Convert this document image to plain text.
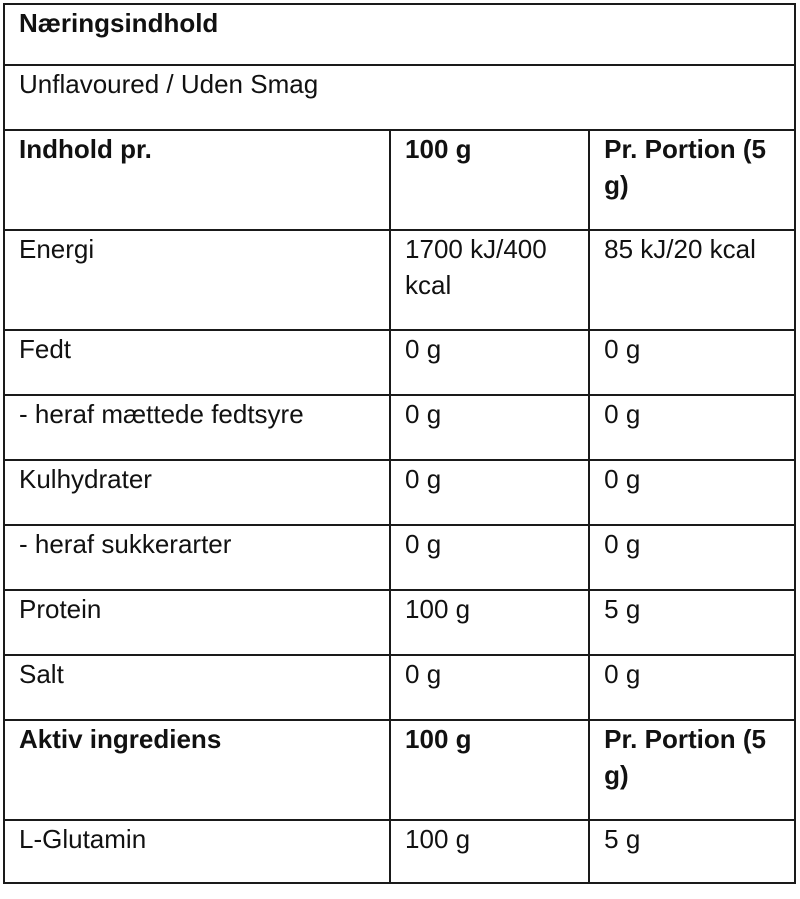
Næringsindhold		
Unflavoured / Uden Smag		
Indhold pr.	100 g	Pr. Portion (5 g)
Energi	1700 kJ/400 kcal	85 kJ/20 kcal
Fedt	0 g	0 g
- heraf mættede fedtsyre	0 g	0 g
Kulhydrater	0 g	0 g
- heraf sukkerarter	0 g	0 g
Protein	100 g	5 g
Salt	0 g	0 g
Aktiv ingrediens	100 g	Pr. Portion (5 g)
L-Glutamin	100 g	5 g
